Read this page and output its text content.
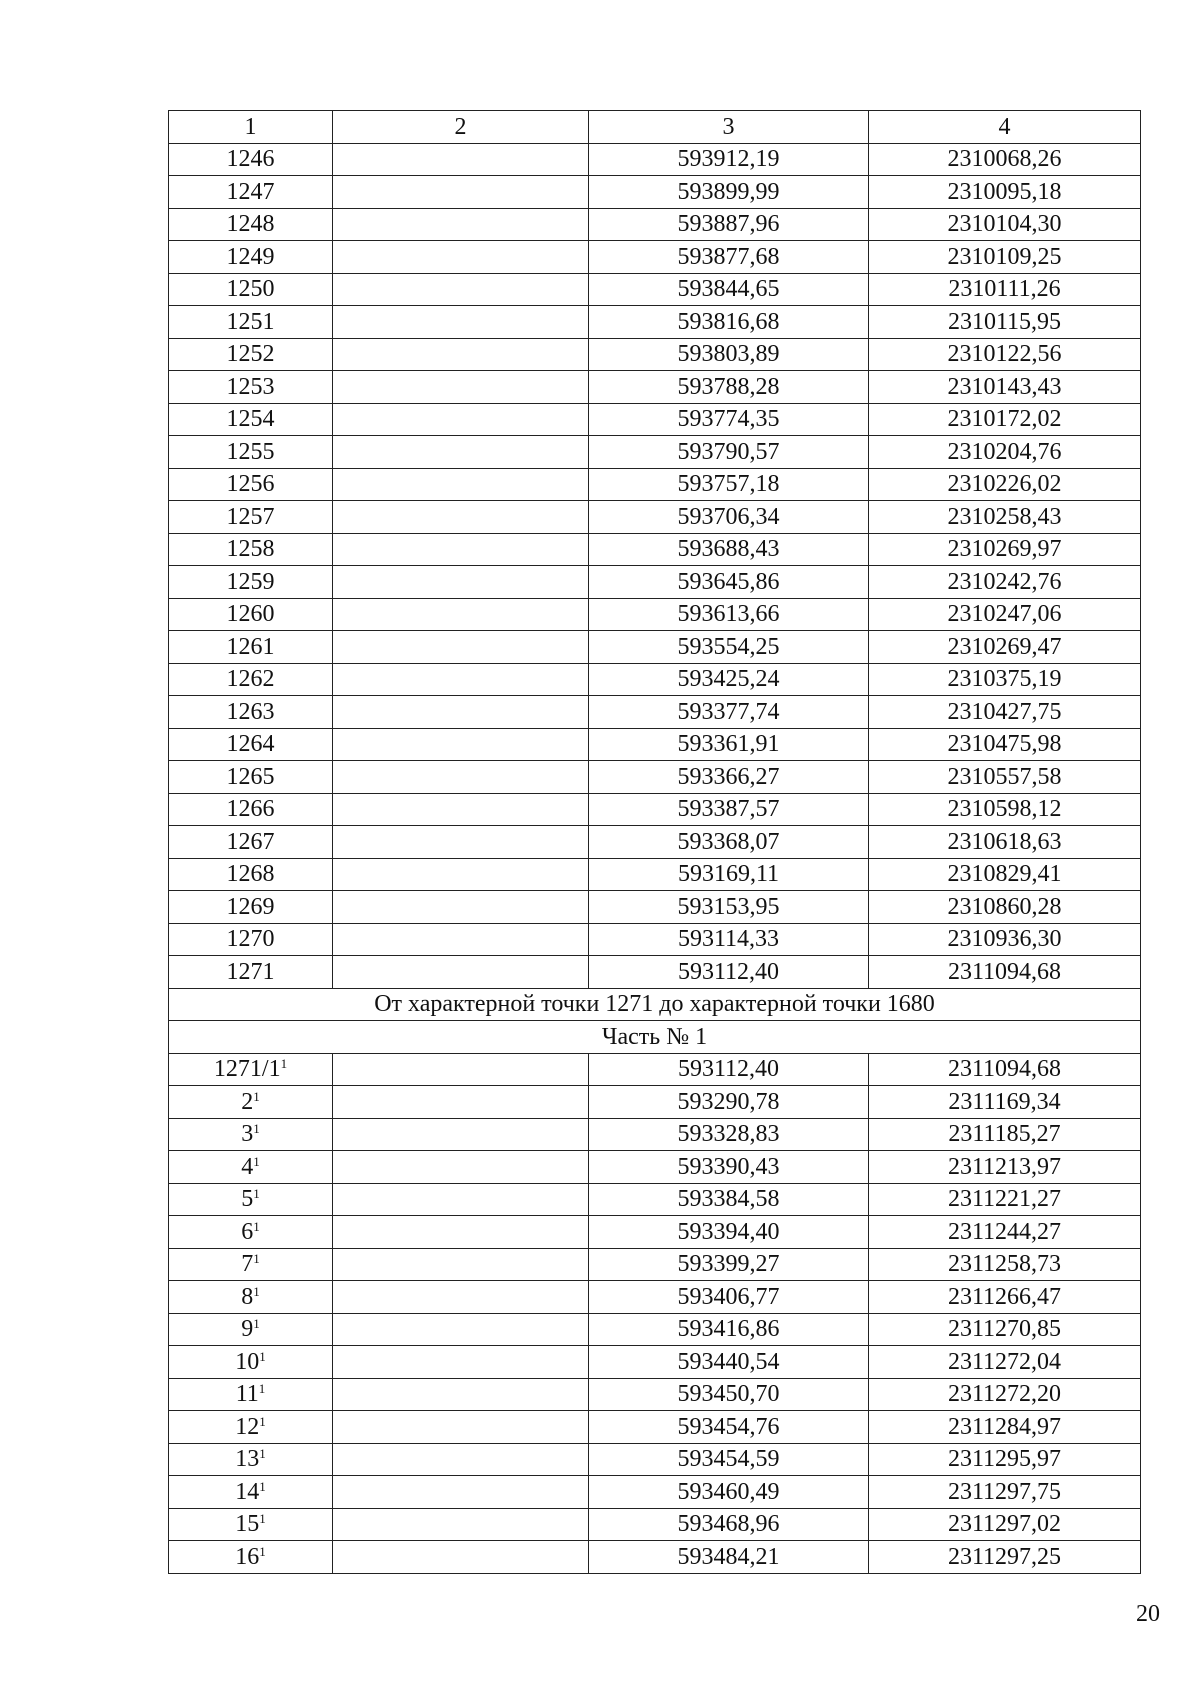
1	2	3	4
1246		593912,19	2310068,26
1247		593899,99	2310095,18
1248		593887,96	2310104,30
1249		593877,68	2310109,25
1250		593844,65	2310111,26
1251		593816,68	2310115,95
1252		593803,89	2310122,56
1253		593788,28	2310143,43
1254		593774,35	2310172,02
1255		593790,57	2310204,76
1256		593757,18	2310226,02
1257		593706,34	2310258,43
1258		593688,43	2310269,97
1259		593645,86	2310242,76
1260		593613,66	2310247,06
1261		593554,25	2310269,47
1262		593425,24	2310375,19
1263		593377,74	2310427,75
1264		593361,91	2310475,98
1265		593366,27	2310557,58
1266		593387,57	2310598,12
1267		593368,07	2310618,63
1268		593169,11	2310829,41
1269		593153,95	2310860,28
1270		593114,33	2310936,30
1271		593112,40	2311094,68
От характерной точки 1271 до характерной точки 1680			
Часть № 1			
$1271/1^1$		593112,40	2311094,68
$2^1$		593290,78	2311169,34
$3^1$		593328,83	2311185,27
$4^1$		593390,43	2311213,97
$5^1$		593384,58	2311221,27
$6^1$		593394,40	2311244,27
$7^1$		593399,27	2311258,73
$8^1$		593406,77	2311266,47
$9^1$		593416,86	2311270,85
$10^1$		593440,54	2311272,04
$11^1$		593450,70	2311272,20
$12^1$		593454,76	2311284,97
$13^1$		593454,59	2311295,97
$14^1$		593460,49	2311297,75
$15^1$		593468,96	2311297,02
$16^1$		593484,21	2311297,25
20
